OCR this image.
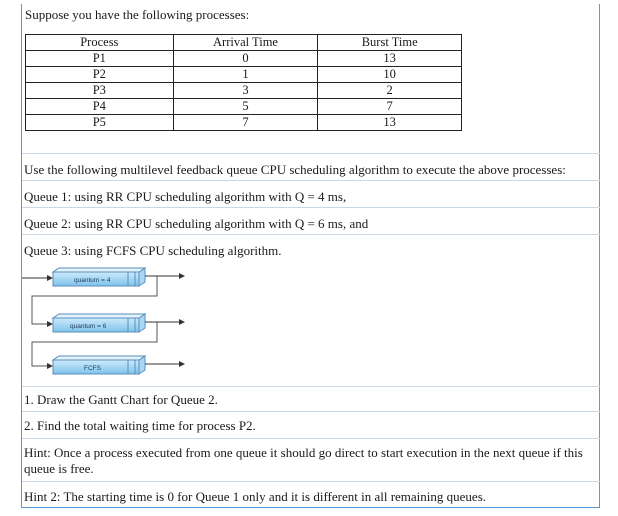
Suppose you have the following processes:
Process	Arrival Time	Burst Time
P1	0	13
P2	1	10
P3	3	2
P4	5	7
P5	7	13
Use the following multilevel feedback queue CPU scheduling algorithm to execute the above processes:
Queue 1: using RR CPU scheduling algorithm with Q = 4 ms,
Queue 2: using RR CPU scheduling algorithm with Q = 6 ms, and
Queue 3: using FCFS CPU scheduling algorithm.
quantum = 4
quantum = 6
FCFS
1. Draw the Gantt Chart for Queue 2.
2. Find the total waiting time for process P2.
Hint: Once a process executed from one queue it should go direct to start execution in the next queue if this queue is free.
Hint 2: The starting time is 0 for Queue 1 only and it is different in all remaining queues.
